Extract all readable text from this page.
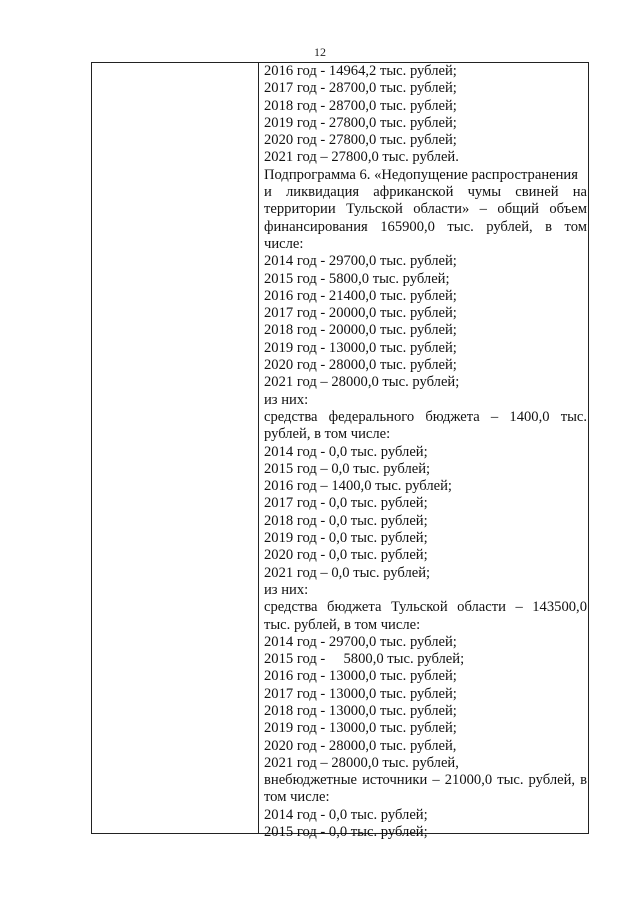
12
2016 год - 14964,2 тыс. рублей;
2017 год - 28700,0 тыс. рублей;
2018 год - 28700,0 тыс. рублей;
2019 год - 27800,0 тыс. рублей;
2020 год - 27800,0 тыс. рублей;
2021 год – 27800,0 тыс. рублей.
Подпрограмма 6. «Недопущение распространения
и ликвидация африканской чумы свиней на
территории Тульской области» – общий объем
финансирования 165900,0 тыс. рублей, в том
числе:
2014 год - 29700,0 тыс. рублей;
2015 год - 5800,0 тыс. рублей;
2016 год - 21400,0 тыс. рублей;
2017 год - 20000,0 тыс. рублей;
2018 год - 20000,0 тыс. рублей;
2019 год - 13000,0 тыс. рублей;
2020 год - 28000,0 тыс. рублей;
2021 год – 28000,0 тыс. рублей;
из них:
средства федерального бюджета – 1400,0 тыс.
рублей, в том числе:
2014 год - 0,0 тыс. рублей;
2015 год – 0,0 тыс. рублей;
2016 год – 1400,0 тыс. рублей;
2017 год - 0,0 тыс. рублей;
2018 год - 0,0 тыс. рублей;
2019 год - 0,0 тыс. рублей;
2020 год - 0,0 тыс. рублей;
2021 год – 0,0 тыс. рублей;
из них:
средства бюджета Тульской области – 143500,0
тыс. рублей, в том числе:
2014 год - 29700,0 тыс. рублей;
2015 год -     5800,0 тыс. рублей;
2016 год - 13000,0 тыс. рублей;
2017 год - 13000,0 тыс. рублей;
2018 год - 13000,0 тыс. рублей;
2019 год - 13000,0 тыс. рублей;
2020 год - 28000,0 тыс. рублей,
2021 год – 28000,0 тыс. рублей,
внебюджетные источники – 21000,0 тыс. рублей, в
том числе:
2014 год - 0,0 тыс. рублей;
2015 год - 0,0 тыс. рублей;
